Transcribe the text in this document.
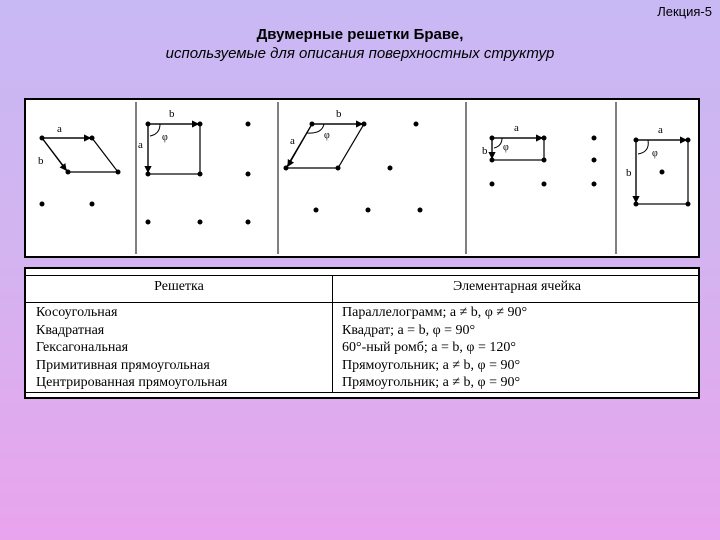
Лекция-5
Двумерные решетки Браве,
используемые для описания поверхностных структур
a
b
b
a
φ
b
a	φ
a
b φ
a
b
φ
Решетка	Элементарная ячейка
Косоугольная
Квадратная
Гексагональная
Примитивная прямоугольная
Центрированная прямоугольная
Параллелограмм; a ≠ b, φ ≠ 90°
Квадрат; a = b, φ = 90°
60°-ный ромб; a = b, φ = 120°
Прямоугольник; a ≠ b, φ = 90°
Прямоугольник; a ≠ b, φ = 90°
